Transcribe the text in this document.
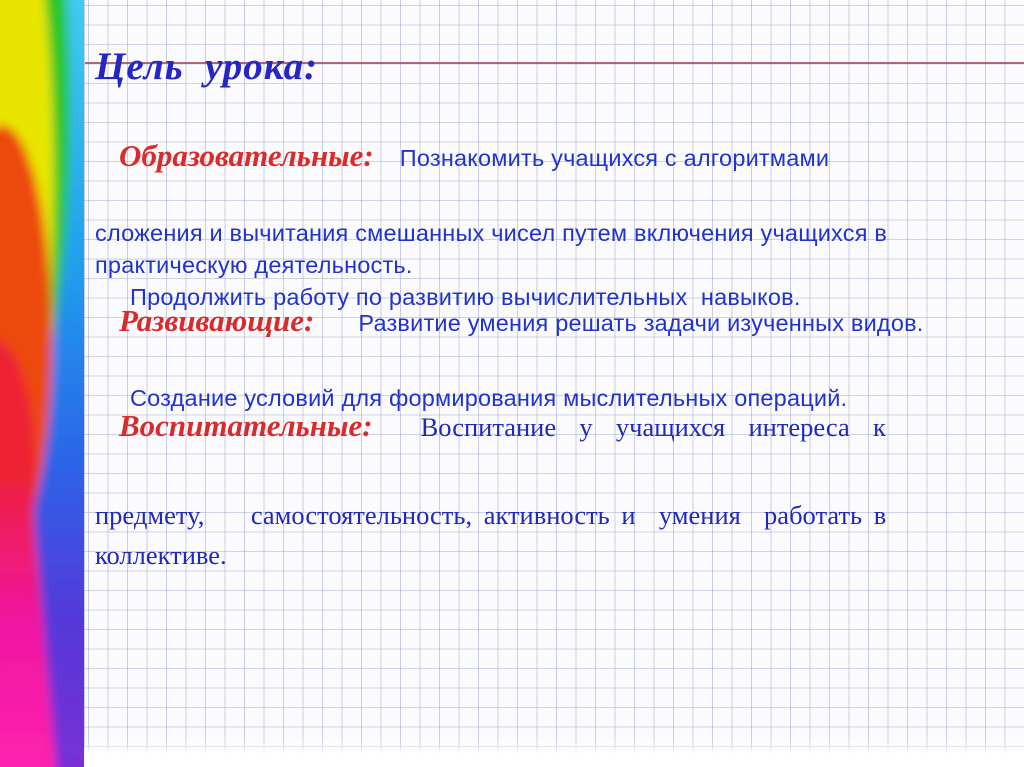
Цель  урока:

Образовательные: Познакомить учащихся с алгоритмами

сложения и вычитания смешанных чисел путем включения учащихся в
практическую деятельность.
Продолжить работу по развитию вычислительных  навыков.

Развивающие: Развитие умения решать задачи изученных видов.

Создание условий для формирования мыслительных операций.

Воспитательные: Воспитание  у  учащихся  интереса  к

предмету,    самостоятельность, активность и  умения  работать в
коллективе.
